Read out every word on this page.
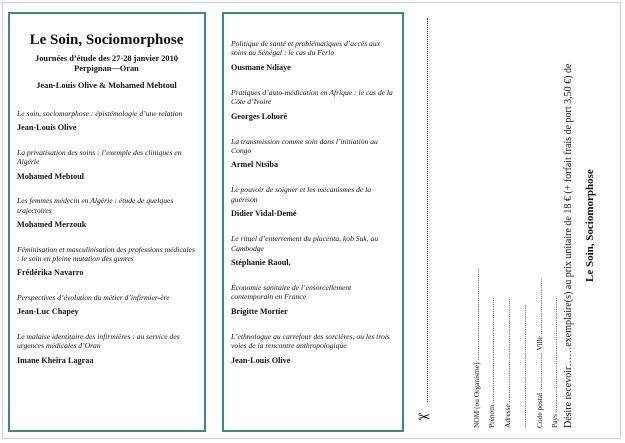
Le Soin, Sociomorphose
Journées d’étude des 27-28 janvier 2010
Perpignan—Oran
Jean-Louis Olive & Mohamed Mebtoul
Le soin, sociomorphose : épistémologie d’une relation
Jean-Louis Olive
La privatisation des soins : l’exemple des cliniques en Algérie
Mohamed Mebtoul
Les femmes médecin en Algérie : étude de quelques trajectoires
Mohamed Merzouk
Féminisation et masculinisation des professions médicales : le soin en pleine mutation des genres
Frédérika Navarro
Perspectives d’évolution du métier d’infirmier-ère
Jean-Luc Chapey
Le malaise identitaire des infirmières : au service des urgences médicales d’Oran
Imane Kheira Lagraa
Politique de santé et problématiques d’accès aux soins au Sénégal : le cas du Ferlo
Ousmane Ndiaye
Pratiques d’auto-médication en Afrique : le cas de la Côte d’Ivoire
Georges Lohoré
La transmission comme soin dans l’initiation au Congo
Armel Ntsiba
Le pouvoir de soigner et les mécanismes de la guérison
Didier Vidal-Demé
Le rituel d’enterrement du placenta, kob Suk, au Cambodge
Stéphanie Raoul,
Économie sanitaire de l’ensorcellement contemporain en France
Brigitte Mortier
L’ethnologue au carrefour des sorcières, ou les trois voies de la rencontre anthropologique
Jean-Louis Olive
✂	NOM (ou Organisme) .................................................. Prénom ......................................................... Adresse ........................................................ ................................................................... Code postal ..................... Ville .............................. Pays .............................................................. Désire recevoir……exemplaire(s) au prix unitaire de 18 € (+ forfait frais de port 3,50 €) de Le Soin, Sociomorphose
